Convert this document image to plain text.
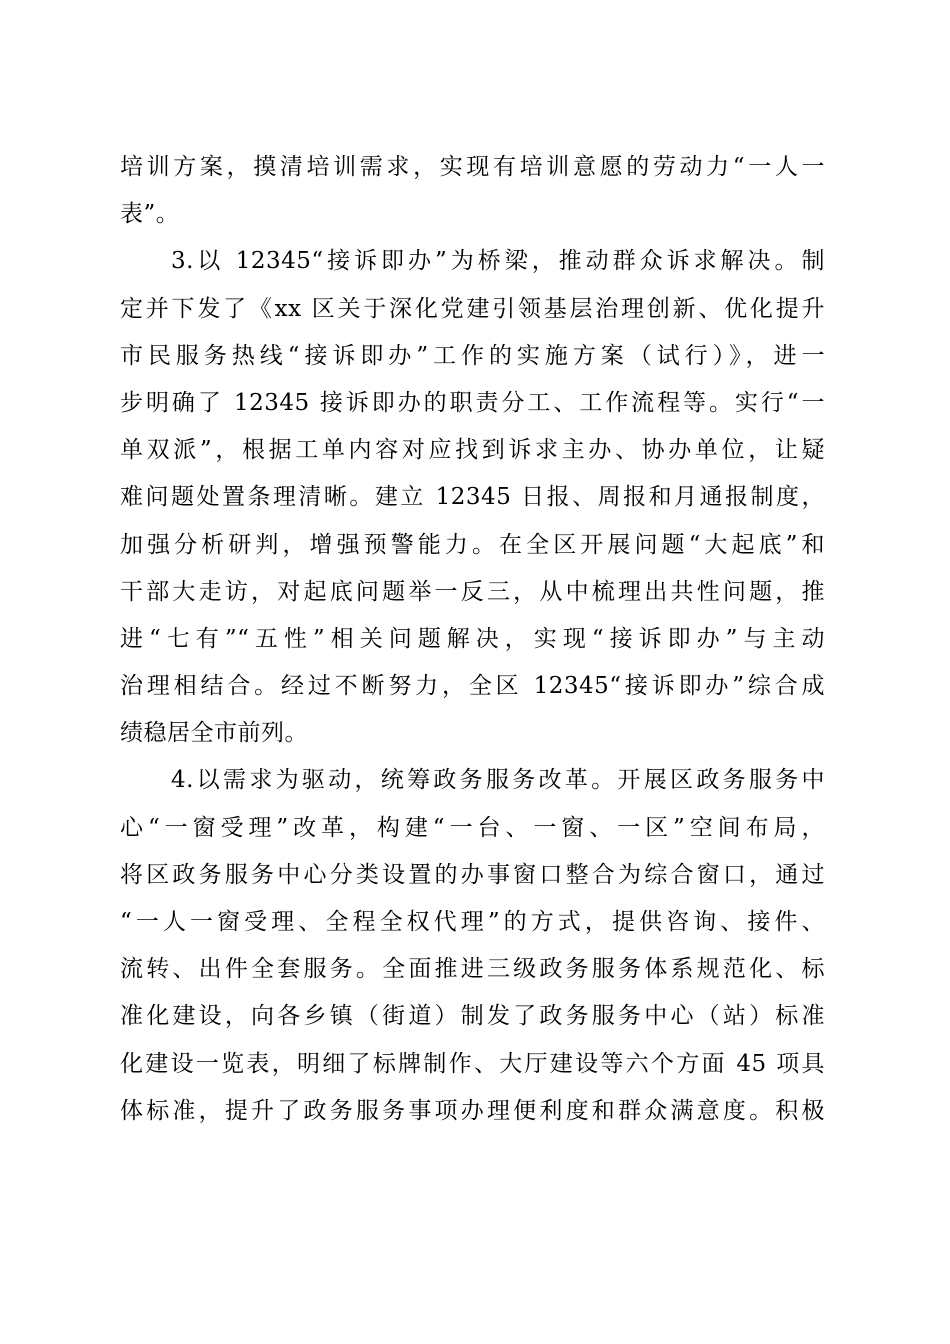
培训方案，摸清培训需求，实现有培训意愿的劳动力“一人一
表”。
3.以 12345“接诉即办”为桥梁，推动群众诉求解决。制
定并下发了《xx 区关于深化党建引领基层治理创新、优化提升
市民服务热线“接诉即办”工作的实施方案（试行）》，进一
步明确了 12345 接诉即办的职责分工、工作流程等。实行“一
单双派”，根据工单内容对应找到诉求主办、协办单位，让疑
难问题处置条理清晰。建立 12345 日报、周报和月通报制度，
加强分析研判，增强预警能力。在全区开展问题“大起底”和
干部大走访，对起底问题举一反三，从中梳理出共性问题，推
进“七有”“五性”相关问题解决，实现“接诉即办”与主动
治理相结合。经过不断努力，全区 12345“接诉即办”综合成
绩稳居全市前列。
4.以需求为驱动，统筹政务服务改革。开展区政务服务中
心“一窗受理”改革，构建“一台、一窗、一区”空间布局，
将区政务服务中心分类设置的办事窗口整合为综合窗口，通过
“一人一窗受理、全程全权代理”的方式，提供咨询、接件、
流转、出件全套服务。全面推进三级政务服务体系规范化、标
准化建设，向各乡镇（街道）制发了政务服务中心（站）标准
化建设一览表，明细了标牌制作、大厅建设等六个方面 45 项具
体标准，提升了政务服务事项办理便利度和群众满意度。积极
